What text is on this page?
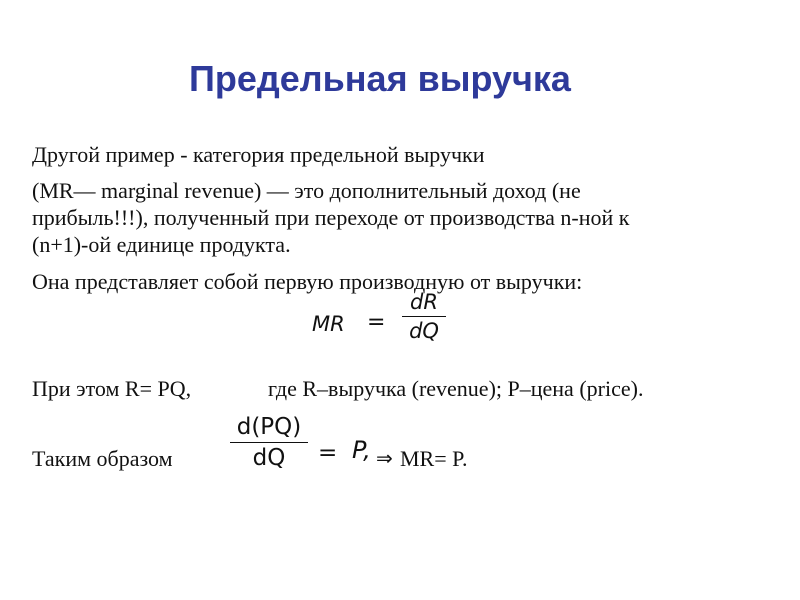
Предельная выручка
Другой пример - категория предельной выручки
(MR— marginal revenue) — это дополнительный доход (не
прибыль!!!), полученный при переходе от производства n-ной к
(n+1)-ой единице продукта.
Она представляет собой первую производную от выручки:
MR =
dR
dQ
При этом R= PQ,	где R–выручка (revenue); P–цена (price).
Таким образом
d(PQ)
dQ	= P, ⇒ MR= P.
